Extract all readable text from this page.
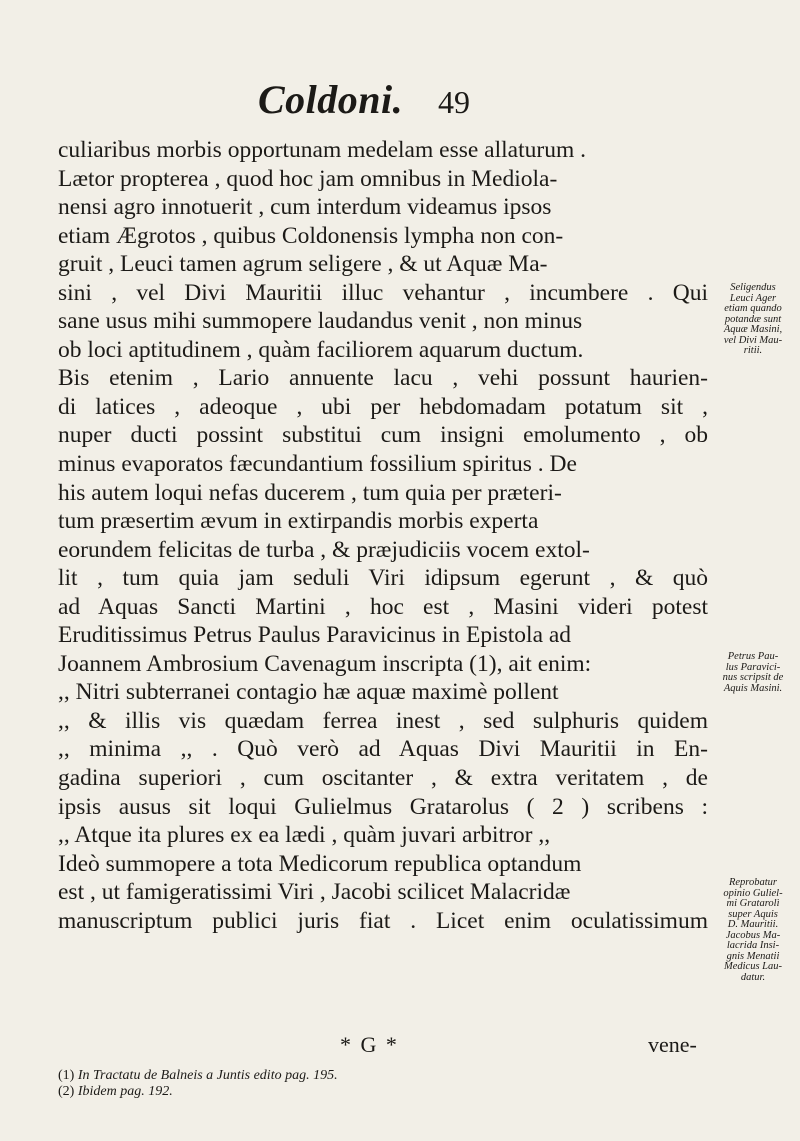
Coldoni. 49
culiaribus morbis opportunam medelam esse allaturum .
Lætor propterea , quod hoc jam omnibus in Mediola-
nensi agro innotuerit , cum interdum videamus ipsos
etiam Ægrotos , quibus Coldonensis lympha non con-
gruit , Leuci tamen agrum seligere , & ut Aquæ Ma-
sini , vel Divi Mauritii illuc vehantur , incumbere . Qui
sane usus mihi summopere laudandus venit , non minus
ob loci aptitudinem , quàm faciliorem aquarum ductum.
Bis etenim , Lario annuente lacu , vehi possunt haurien-
di latices , adeoque , ubi per hebdomadam potatum sit ,
nuper ducti possint substitui cum insigni emolumento , ob
minus evaporatos fæcundantium fossilium spiritus . De
his autem loqui nefas ducerem , tum quia per præteri-
tum præsertim ævum in extirpandis morbis experta
eorundem felicitas de turba , & præjudiciis vocem extol-
lit , tum quia jam seduli Viri idipsum egerunt , & quò
ad Aquas Sancti Martini , hoc est , Masini videri potest
Eruditissimus Petrus Paulus Paravicinus in Epistola ad
Joannem Ambrosium Cavenagum inscripta (1), ait enim:
,, Nitri subterranei contagio hæ aquæ maximè pollent
,, & illis vis quædam ferrea inest , sed sulphuris quidem
,, minima ,, . Quò verò ad Aquas Divi Mauritii in En-
gadina superiori , cum oscitanter , & extra veritatem , de
ipsis ausus sit loqui Gulielmus Gratarolus ( 2 ) scribens :
,, Atque ita plures ex ea lædi , quàm juvari arbitror ,,
Ideò summopere a tota Medicorum republica optandum
est , ut famigeratissimi Viri , Jacobi scilicet Malacridæ
manuscriptum publici juris fiat . Licet enim oculatissimum
Seligendus
Leuci Ager
etiam quando
potandæ sunt
Aquæ Masini,
vel Divi Mau-
ritii.
Petrus Pau-
lus Paravici-
nus scripsit de
Aquis Masini.
Reprobatur
opinio Guliel-
mi Gratarolì
super Aquis
D. Mauritii.
Jacobus Ma-
lacrida Insi-
gnis Menatii
Medicus Lau-
datur.
* G *	vene-
(1) In Tractatu de Balneis a Juntis edito pag. 195.
(2) Ibidem pag. 192.
